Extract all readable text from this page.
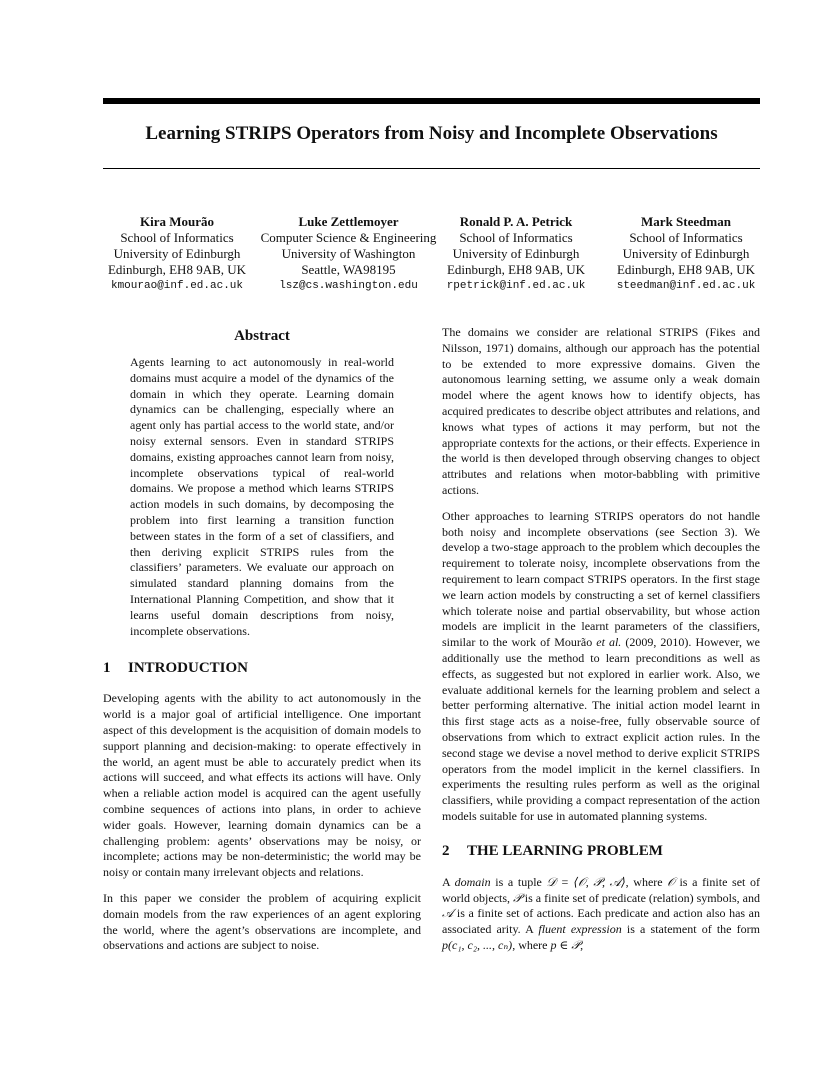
Learning STRIPS Operators from Noisy and Incomplete Observations
Kira Mourão
School of Informatics
University of Edinburgh
Edinburgh, EH8 9AB, UK
kmourao@inf.ed.ac.uk
Luke Zettlemoyer
Computer Science & Engineering
University of Washington
Seattle, WA98195
lsz@cs.washington.edu
Ronald P. A. Petrick
School of Informatics
University of Edinburgh
Edinburgh, EH8 9AB, UK
rpetrick@inf.ed.ac.uk
Mark Steedman
School of Informatics
University of Edinburgh
Edinburgh, EH8 9AB, UK
steedman@inf.ed.ac.uk
Abstract

Agents learning to act autonomously in real-world domains must acquire a model of the dynamics of the domain in which they operate. Learning domain dynamics can be challenging, especially where an agent only has partial access to the world state, and/or noisy external sensors. Even in standard STRIPS domains, existing approaches cannot learn from noisy, incomplete observations typical of real-world domains. We propose a method which learns STRIPS action models in such domains, by decomposing the problem into first learning a transition function between states in the form of a set of classifiers, and then deriving explicit STRIPS rules from the classifiers’ parameters. We evaluate our approach on simulated standard planning domains from the International Planning Competition, and show that it learns useful domain descriptions from noisy, incomplete observations.

1 INTRODUCTION

Developing agents with the ability to act autonomously in the world is a major goal of artificial intelligence. One important aspect of this development is the acquisition of domain models to support planning and decision-making: to operate effectively in the world, an agent must be able to accurately predict when its actions will succeed, and what effects its actions will have. Only when a reliable action model is acquired can the agent usefully combine sequences of actions into plans, in order to achieve wider goals. However, learning domain dynamics can be a challenging problem: agents’ observations may be noisy, or incomplete; actions may be non-deterministic; the world may be noisy or contain many irrelevant objects and relations.

In this paper we consider the problem of acquiring explicit domain models from the raw experiences of an agent exploring the world, where the agent’s observations are incomplete, and observations and actions are subject to noise.

The domains we consider are relational STRIPS (Fikes and Nilsson, 1971) domains, although our approach has the potential to be extended to more expressive domains. Given the autonomous learning setting, we assume only a weak domain model where the agent knows how to identify objects, has acquired predicates to describe object attributes and relations, and knows what types of actions it may perform, but not the appropriate contexts for the actions, or their effects. Experience in the world is then developed through observing changes to object attributes and relations when motor-babbling with primitive actions.

Other approaches to learning STRIPS operators do not handle both noisy and incomplete observations (see Section 3). We develop a two-stage approach to the problem which decouples the requirement to tolerate noisy, incomplete observations from the requirement to learn compact STRIPS operators. In the first stage we learn action models by constructing a set of kernel classifiers which tolerate noise and partial observability, but whose action models are implicit in the learnt parameters of the classifiers, similar to the work of Mourão et al. (2009, 2010). However, we additionally use the method to learn preconditions as well as effects, as suggested but not explored in earlier work. Also, we evaluate additional kernels for the learning problem and select a better performing alternative. The initial action model learnt in this first stage acts as a noise-free, fully observable source of observations from which to extract explicit action rules. In the second stage we devise a novel method to derive explicit STRIPS operators from the model implicit in the kernel classifiers. In experiments the resulting rules perform as well as the original classifiers, while providing a compact representation of the action models suitable for use in automated planning systems.

2 THE LEARNING PROBLEM

A domain is a tuple 𝒟 = ⟨𝒪, 𝒫, 𝒜⟩, where 𝒪 is a finite set of world objects, 𝒫 is a finite set of predicate (relation) symbols, and 𝒜 is a finite set of actions. Each predicate and action also has an associated arity. A fluent expression is a statement of the form p(c₁, c₂, ..., cₙ), where p ∈ 𝒫,
